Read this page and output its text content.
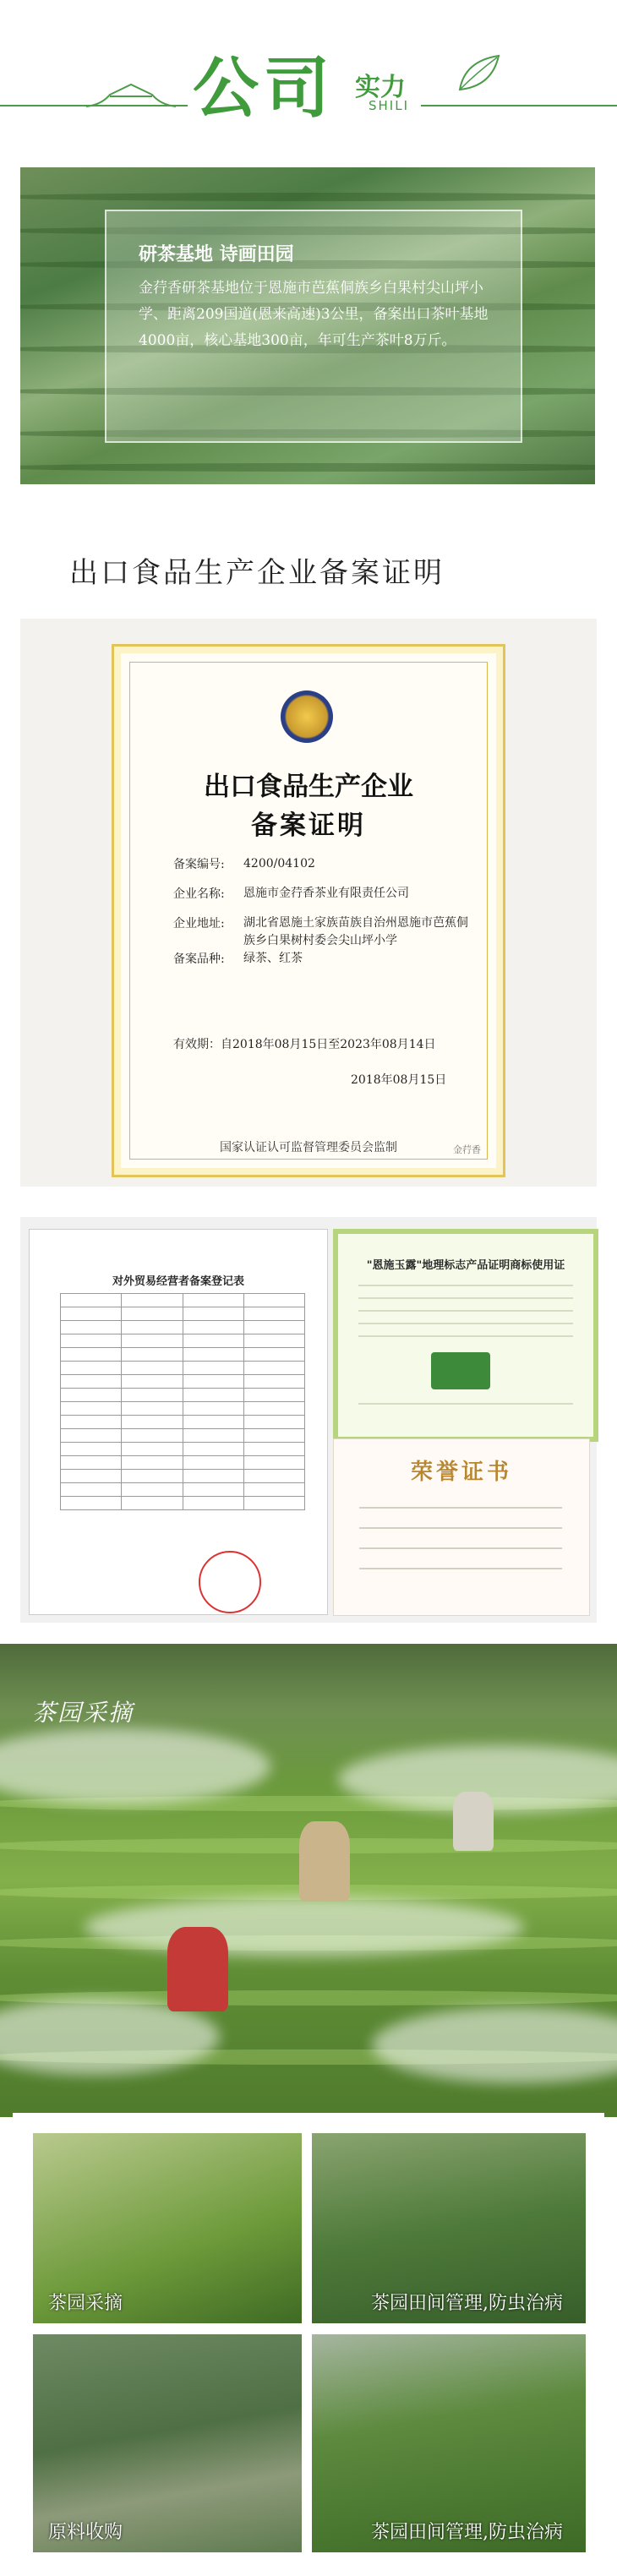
公司 实力
SHILI
研茶基地 诗画田园
金荇香研茶基地位于恩施市芭蕉侗族乡白果村尖山坪小学、距离209国道(恩来高速)3公里，备案出口茶叶基地4000亩，核心基地300亩，年可生产茶叶8万斤。
出口食品生产企业备案证明
出口食品生产企业
备案证明
备案编号: 4200/04102
企业名称: 恩施市金荇香茶业有限责任公司
企业地址: 湖北省恩施土家族苗族自治州恩施市芭蕉侗族乡白果树村委会尖山坪小学
备案品种: 绿茶、红茶
有效期：自2018年08月15日至2023年08月14日
2018年08月15日
国家认证认可监督管理委员会监制	金荇香
对外贸易经营者备案登记表

"恩施玉露"地理标志产品证明商标使用证
荣誉证书
茶园采摘
茶园采摘	茶园田间管理,防虫治病
原料收购	茶园田间管理,防虫治病
